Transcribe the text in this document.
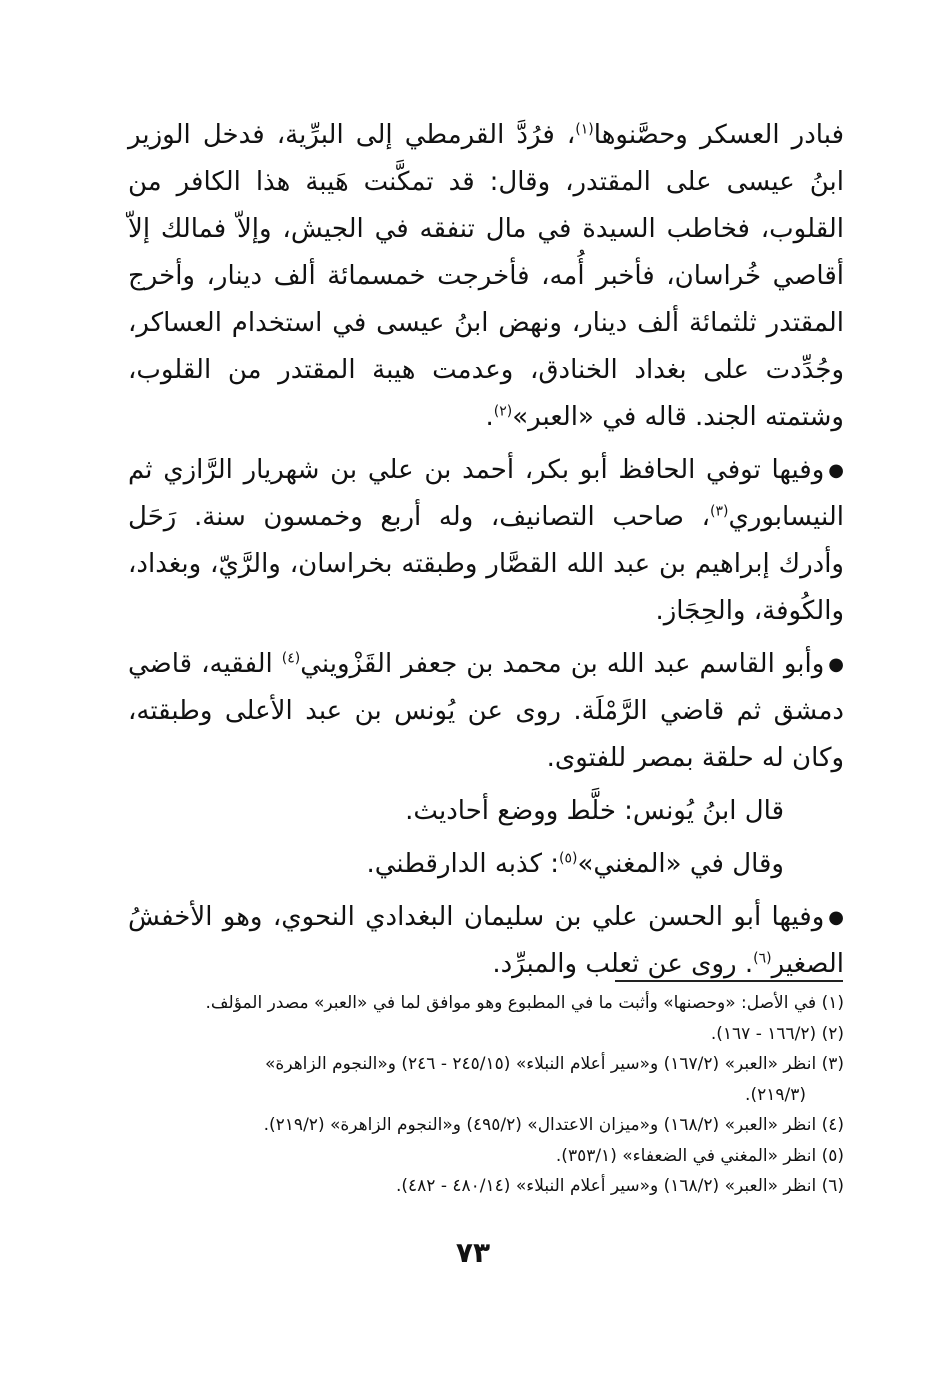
فبادر العسكر وحصَّنوها$^{(١)}$، فرُدَّ القرمطي إلى البرِّية، فدخل الوزير ابنُ عيسى على المقتدر، وقال: قد تمكَّنت هَيبة هذا الكافر من القلوب، فخاطب السيدة في مال تنفقه في الجيش، وإلاّ فمالك إلاّ أقاصي خُراسان، فأخبر أُمه، فأخرجت خمسمائة ألف دينار، وأخرج المقتدر ثلثمائة ألف دينار، ونهض ابنُ عيسى في استخدام العساكر، وجُدِّدت على بغداد الخنادق، وعدمت هيبة المقتدر من القلوب، وشتمته الجند. قاله في «العبر»$^{(٢)}$.

●وفيها توفي الحافظ أبو بكر، أحمد بن علي بن شهريار الرَّازي ثم النيسابوري$^{(٣)}$، صاحب التصانيف، وله أربع وخمسون سنة. رَحَل وأدرك إبراهيم بن عبد الله القصَّار وطبقته بخراسان، والرَّيّ، وبغداد، والكُوفة، والحِجَاز.

●وأبو القاسم عبد الله بن محمد بن جعفر القَزْويني$^{(٤)}$ الفقيه، قاضي دمشق ثم قاضي الرَّمْلَة. روى عن يُونس بن عبد الأعلى وطبقته، وكان له حلقة بمصر للفتوى.

قال ابنُ يُونس: خلَّط ووضع أحاديث.

وقال في «المغني»$^{(٥)}$: كذبه الدارقطني.

●وفيها أبو الحسن علي بن سليمان البغدادي النحوي، وهو الأخفشُ الصغير$^{(٦)}$. روى عن ثعلب والمبرِّد.

(١) في الأصل: «وحصنها» وأثبت ما في المطبوع وهو موافق لما في «العبر» مصدر المؤلف.

(٢) (١٦٦/٢ - ١٦٧).

(٣) انظر «العبر» (١٦٧/٢) و«سير أعلام النبلاء» (٢٤٥/١٥ - ٢٤٦) و«النجوم الزاهرة»

(٢١٩/٣).

(٤) انظر «العبر» (١٦٨/٢) و«ميزان الاعتدال» (٤٩٥/٢) و«النجوم الزاهرة» (٢١٩/٢).

(٥) انظر «المغني في الضعفاء» (٣٥٣/١).

(٦) انظر «العبر» (١٦٨/٢) و«سير أعلام النبلاء» (٤٨٠/١٤ - ٤٨٢).

٧٣
